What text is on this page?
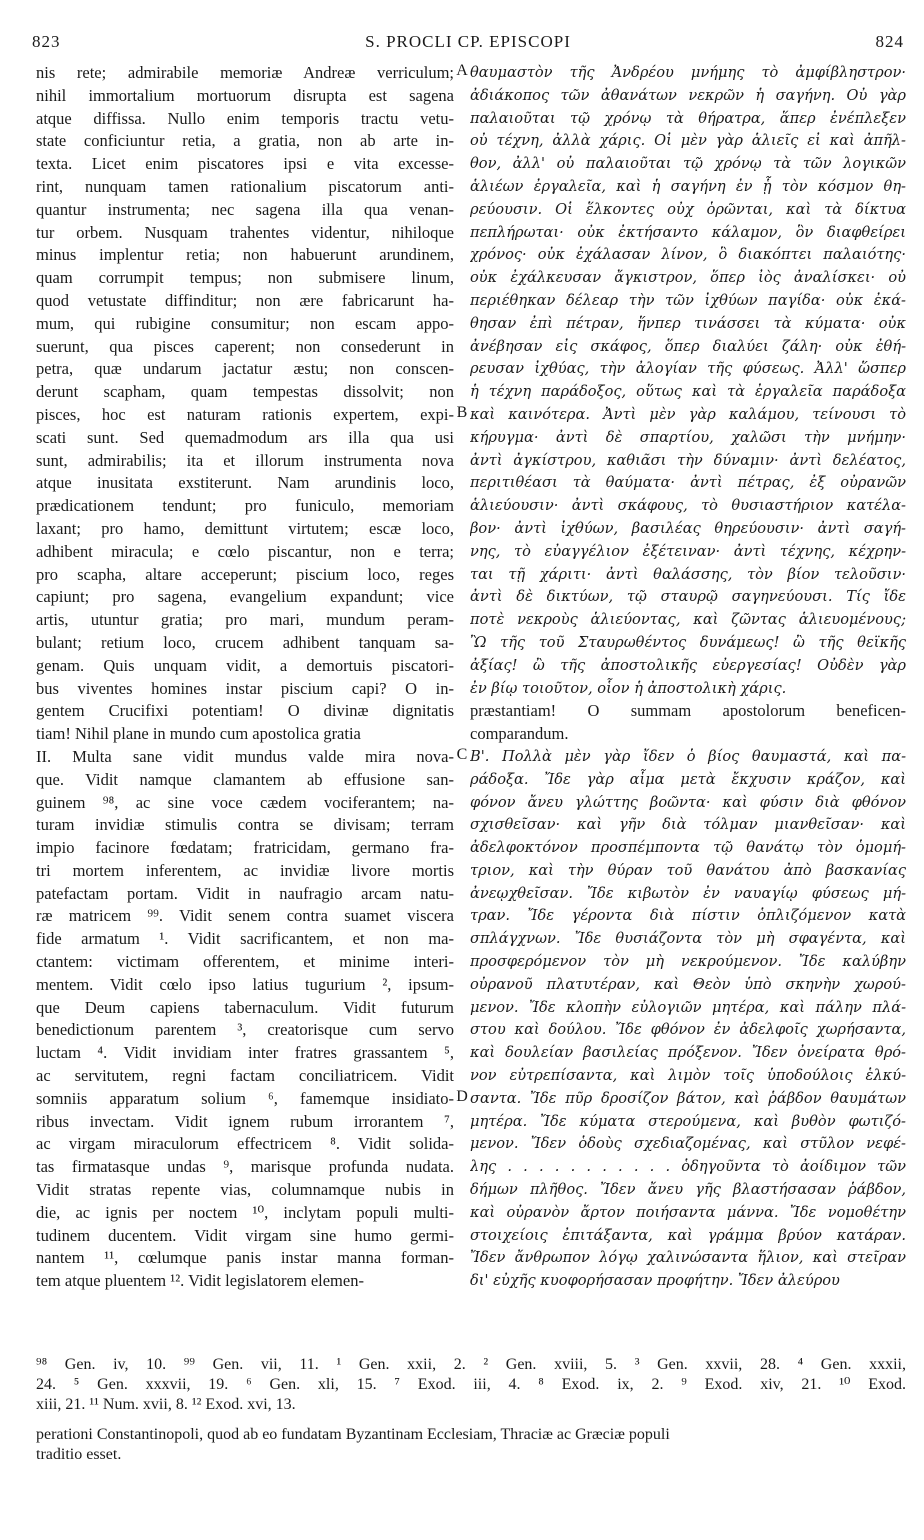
823	S. PROCLI CP. EPISCOPI	824
nis rete; admirabile memoriæ Andreæ verriculum;
nihil immortalium mortuorum disrupta est sagena
atque diffissa. Nullo enim temporis tractu vetu-
state conficiuntur retia, a gratia, non ab arte in-
texta. Licet enim piscatores ipsi e vita excesse-
rint, nunquam tamen rationalium piscatorum anti-
quantur instrumenta; nec sagena illa qua venan-
tur orbem. Nusquam trahentes videntur, nihiloque
minus implentur retia; non habuerunt arundinem,
quam corrumpit tempus; non submisere linum,
quod vetustate diffinditur; non ære fabricarunt ha-
mum, qui rubigine consumitur; non escam appo-
suerunt, qua pisces caperent; non consederunt in
petra, quæ undarum jactatur æstu; non conscen-
derunt scapham, quam tempestas dissolvit; non
pisces, hoc est naturam rationis expertem, expi-
scati sunt. Sed quemadmodum ars illa qua usi
sunt, admirabilis; ita et illorum instrumenta nova
atque inusitata exstiterunt. Nam arundinis loco,
prædicationem tendunt; pro funiculo, memoriam
laxant; pro hamo, demittunt virtutem; escæ loco,
adhibent miracula; e cœlo piscantur, non e terra;
pro scapha, altare acceperunt; piscium loco, reges
capiunt; pro sagena, evangelium expandunt; vice
artis, utuntur gratia; pro mari, mundum peram-
bulant; retium loco, crucem adhibent tanquam sa-
genam. Quis unquam vidit, a demortuis piscatori-
bus viventes homines instar piscium capi? O in-
gentem Crucifixi potentiam! O divinæ dignitatis
tiam! Nihil plane in mundo cum apostolica gratia
II. Multa sane vidit mundus valde mira nova-
que. Vidit namque clamantem ab effusione san-
guinem ⁹⁸, ac sine voce cædem vociferantem; na-
turam invidiæ stimulis contra se divisam; terram
impio facinore fœdatam; fratricidam, germano fra-
tri mortem inferentem, ac invidiæ livore mortis
patefactam portam. Vidit in naufragio arcam natu-
ræ matricem ⁹⁹. Vidit senem contra suamet viscera
fide armatum ¹. Vidit sacrificantem, et non ma-
ctantem: victimam offerentem, et minime interi-
mentem. Vidit cœlo ipso latius tugurium ², ipsum-
que Deum capiens tabernaculum. Vidit futurum
benedictionum parentem ³, creatorisque cum servo
luctam ⁴. Vidit invidiam inter fratres grassantem ⁵,
ac servitutem, regni factam conciliatricem. Vidit
somniis apparatum solium ⁶, famemque insidiato-
ribus invectam. Vidit ignem rubum irrorantem ⁷,
ac virgam miraculorum effectricem ⁸. Vidit solida-
tas firmatasque undas ⁹, marisque profunda nudata.
Vidit stratas repente vias, columnamque nubis in
die, ac ignis per noctem ¹⁰, inclytam populi multi-
tudinem ducentem. Vidit virgam sine humo germi-
nantem ¹¹, cœlumque panis instar manna forman-
tem atque pluentem ¹². Vidit legislatorem elemen-
θαυμαστὸν τῆς Ἀνδρέου μνήμης τὸ ἀμφίβληστρον·
ἀδιάκοπος τῶν ἀθανάτων νεκρῶν ἡ σαγήνη. Οὐ γὰρ
παλαιοῦται τῷ χρόνῳ τὰ θήρατρα, ἅπερ ἐνέπλεξεν
οὐ τέχνη, ἀλλὰ χάρις. Οἱ μὲν γὰρ ἁλιεῖς εἰ καὶ ἀπῆλ-
θον, ἀλλ' οὐ παλαιοῦται τῷ χρόνῳ τὰ τῶν λογικῶν
ἁλιέων ἐργαλεῖα, καὶ ἡ σαγήνη ἐν ᾗ τὸν κόσμον θη-
ρεύουσιν. Οἱ ἕλκοντες οὐχ ὁρῶνται, καὶ τὰ δίκτυα
πεπλήρωται· οὐκ ἐκτήσαντο κάλαμον, ὃν διαφθείρει
χρόνος· οὐκ ἐχάλασαν λίνον, ὃ διακόπτει παλαιότης·
οὐκ ἐχάλκευσαν ἄγκιστρον, ὅπερ ἰὸς ἀναλίσκει· οὐ
περιέθηκαν δέλεαρ τὴν τῶν ἰχθύων παγίδα· οὐκ ἐκά-
θησαν ἐπὶ πέτραν, ἥνπερ τινάσσει τὰ κύματα· οὐκ
ἀνέβησαν εἰς σκάφος, ὅπερ διαλύει ζάλη· οὐκ ἐθή-
ρευσαν ἰχθύας, τὴν ἀλογίαν τῆς φύσεως. Ἀλλ' ὥσπερ
ἡ τέχνη παράδοξος, οὕτως καὶ τὰ ἐργαλεῖα παράδοξα
καὶ καινότερα. Ἀντὶ μὲν γὰρ καλάμου, τείνουσι τὸ
κήρυγμα· ἀντὶ δὲ σπαρτίου, χαλῶσι τὴν μνήμην·
ἀντὶ ἀγκίστρου, καθιᾶσι τὴν δύναμιν· ἀντὶ δελέατος,
περιτιθέασι τὰ θαύματα· ἀντὶ πέτρας, ἐξ οὐρανῶν
ἁλιεύουσιν· ἀντὶ σκάφους, τὸ θυσιαστήριον κατέλα-
βον· ἀντὶ ἰχθύων, βασιλέας θηρεύουσιν· ἀντὶ σαγή-
νης, τὸ εὐαγγέλιον ἐξέτειναν· ἀντὶ τέχνης, κέχρην-
ται τῇ χάριτι· ἀντὶ θαλάσσης, τὸν βίον τελοῦσιν·
ἀντὶ δὲ δικτύων, τῷ σταυρῷ σαγηνεύουσι. Τίς ἴδε
ποτὲ νεκροὺς ἁλιεύοντας, καὶ ζῶντας ἁλιευομένους;
Ὢ τῆς τοῦ Σταυρωθέντος δυνάμεως! ὢ τῆς θεϊκῆς
ἀξίας! ὢ τῆς ἀποστολικῆς εὐεργεσίας! Οὐδὲν γὰρ
ἐν βίῳ τοιοῦτον, οἷον ἡ ἀποστολικὴ χάρις.
præstantiam! O summam apostolorum beneficen-
comparandum.
Β'. Πολλὰ μὲν γὰρ ἴδεν ὁ βίος θαυμαστά, καὶ πα-
ράδοξα. Ἴδε γὰρ αἷμα μετὰ ἔκχυσιν κράζον, καὶ
φόνον ἄνευ γλώττης βοῶντα· καὶ φύσιν διὰ φθόνον
σχισθεῖσαν· καὶ γῆν διὰ τόλμαν μιανθεῖσαν· καὶ
ἀδελφοκτόνον προσπέμποντα τῷ θανάτῳ τὸν ὁμομή-
τριον, καὶ τὴν θύραν τοῦ θανάτου ἀπὸ βασκανίας
ἀνεῳχθεῖσαν. Ἴδε κιβωτὸν ἐν ναυαγίῳ φύσεως μή-
τραν. Ἴδε γέροντα διὰ πίστιν ὁπλιζόμενον κατὰ
σπλάγχνων. Ἴδε θυσιάζοντα τὸν μὴ σφαγέντα, καὶ
προσφερόμενον τὸν μὴ νεκρούμενον. Ἴδε καλύβην
οὐρανοῦ πλατυτέραν, καὶ Θεὸν ὑπὸ σκηνὴν χωρού-
μενον. Ἴδε κλοπὴν εὐλογιῶν μητέρα, καὶ πάλην πλά-
στου καὶ δούλου. Ἴδε φθόνον ἐν ἀδελφοῖς χωρήσαντα,
καὶ δουλείαν βασιλείας πρόξενον. Ἴδεν ὀνείρατα θρό-
νον εὐτρεπίσαντα, καὶ λιμὸν τοῖς ὑποδούλοις ἑλκύ-
σαντα. Ἴδε πῦρ δροσίζον βάτον, καὶ ῥάβδον θαυμάτων
μητέρα. Ἴδε κύματα στερούμενα, καὶ βυθὸν φωτιζό-
μενον. Ἴδεν ὁδοὺς σχεδιαζομένας, καὶ στῦλον νεφέ-
λης . . . . . . . . . . . ὁδηγοῦντα τὸ ἀοίδιμον τῶν
δήμων πλῆθος. Ἴδεν ἄνευ γῆς βλαστήσασαν ῥάβδον,
καὶ οὐρανὸν ἄρτον ποιήσαντα μάννα. Ἴδε νομοθέτην
στοιχείοις ἐπιτάξαντα, καὶ γράμμα βρύον κατάραν.
Ἴδεν ἄνθρωπον λόγῳ χαλινώσαντα ἥλιον, καὶ στεῖραν
δι' εὐχῆς κυοφορήσασαν προφήτην. Ἴδεν ἀλεύρου
A
B
C
D
⁹⁸ Gen. iv, 10. ⁹⁹ Gen. vii, 11. ¹ Gen. xxii, 2. ² Gen. xviii, 5. ³ Gen. xxvii, 28. ⁴ Gen. xxxii,
24. ⁵ Gen. xxxvii, 19. ⁶ Gen. xli, 15. ⁷ Exod. iii, 4. ⁸ Exod. ix, 2. ⁹ Exod. xiv, 21. ¹⁰ Exod.
xiii, 21. ¹¹ Num. xvii, 8. ¹² Exod. xvi, 13.
perationi Constantinopoli, quod ab eo fundatam Byzantinam Ecclesiam, Thraciæ ac Græciæ populi
traditio esset.
